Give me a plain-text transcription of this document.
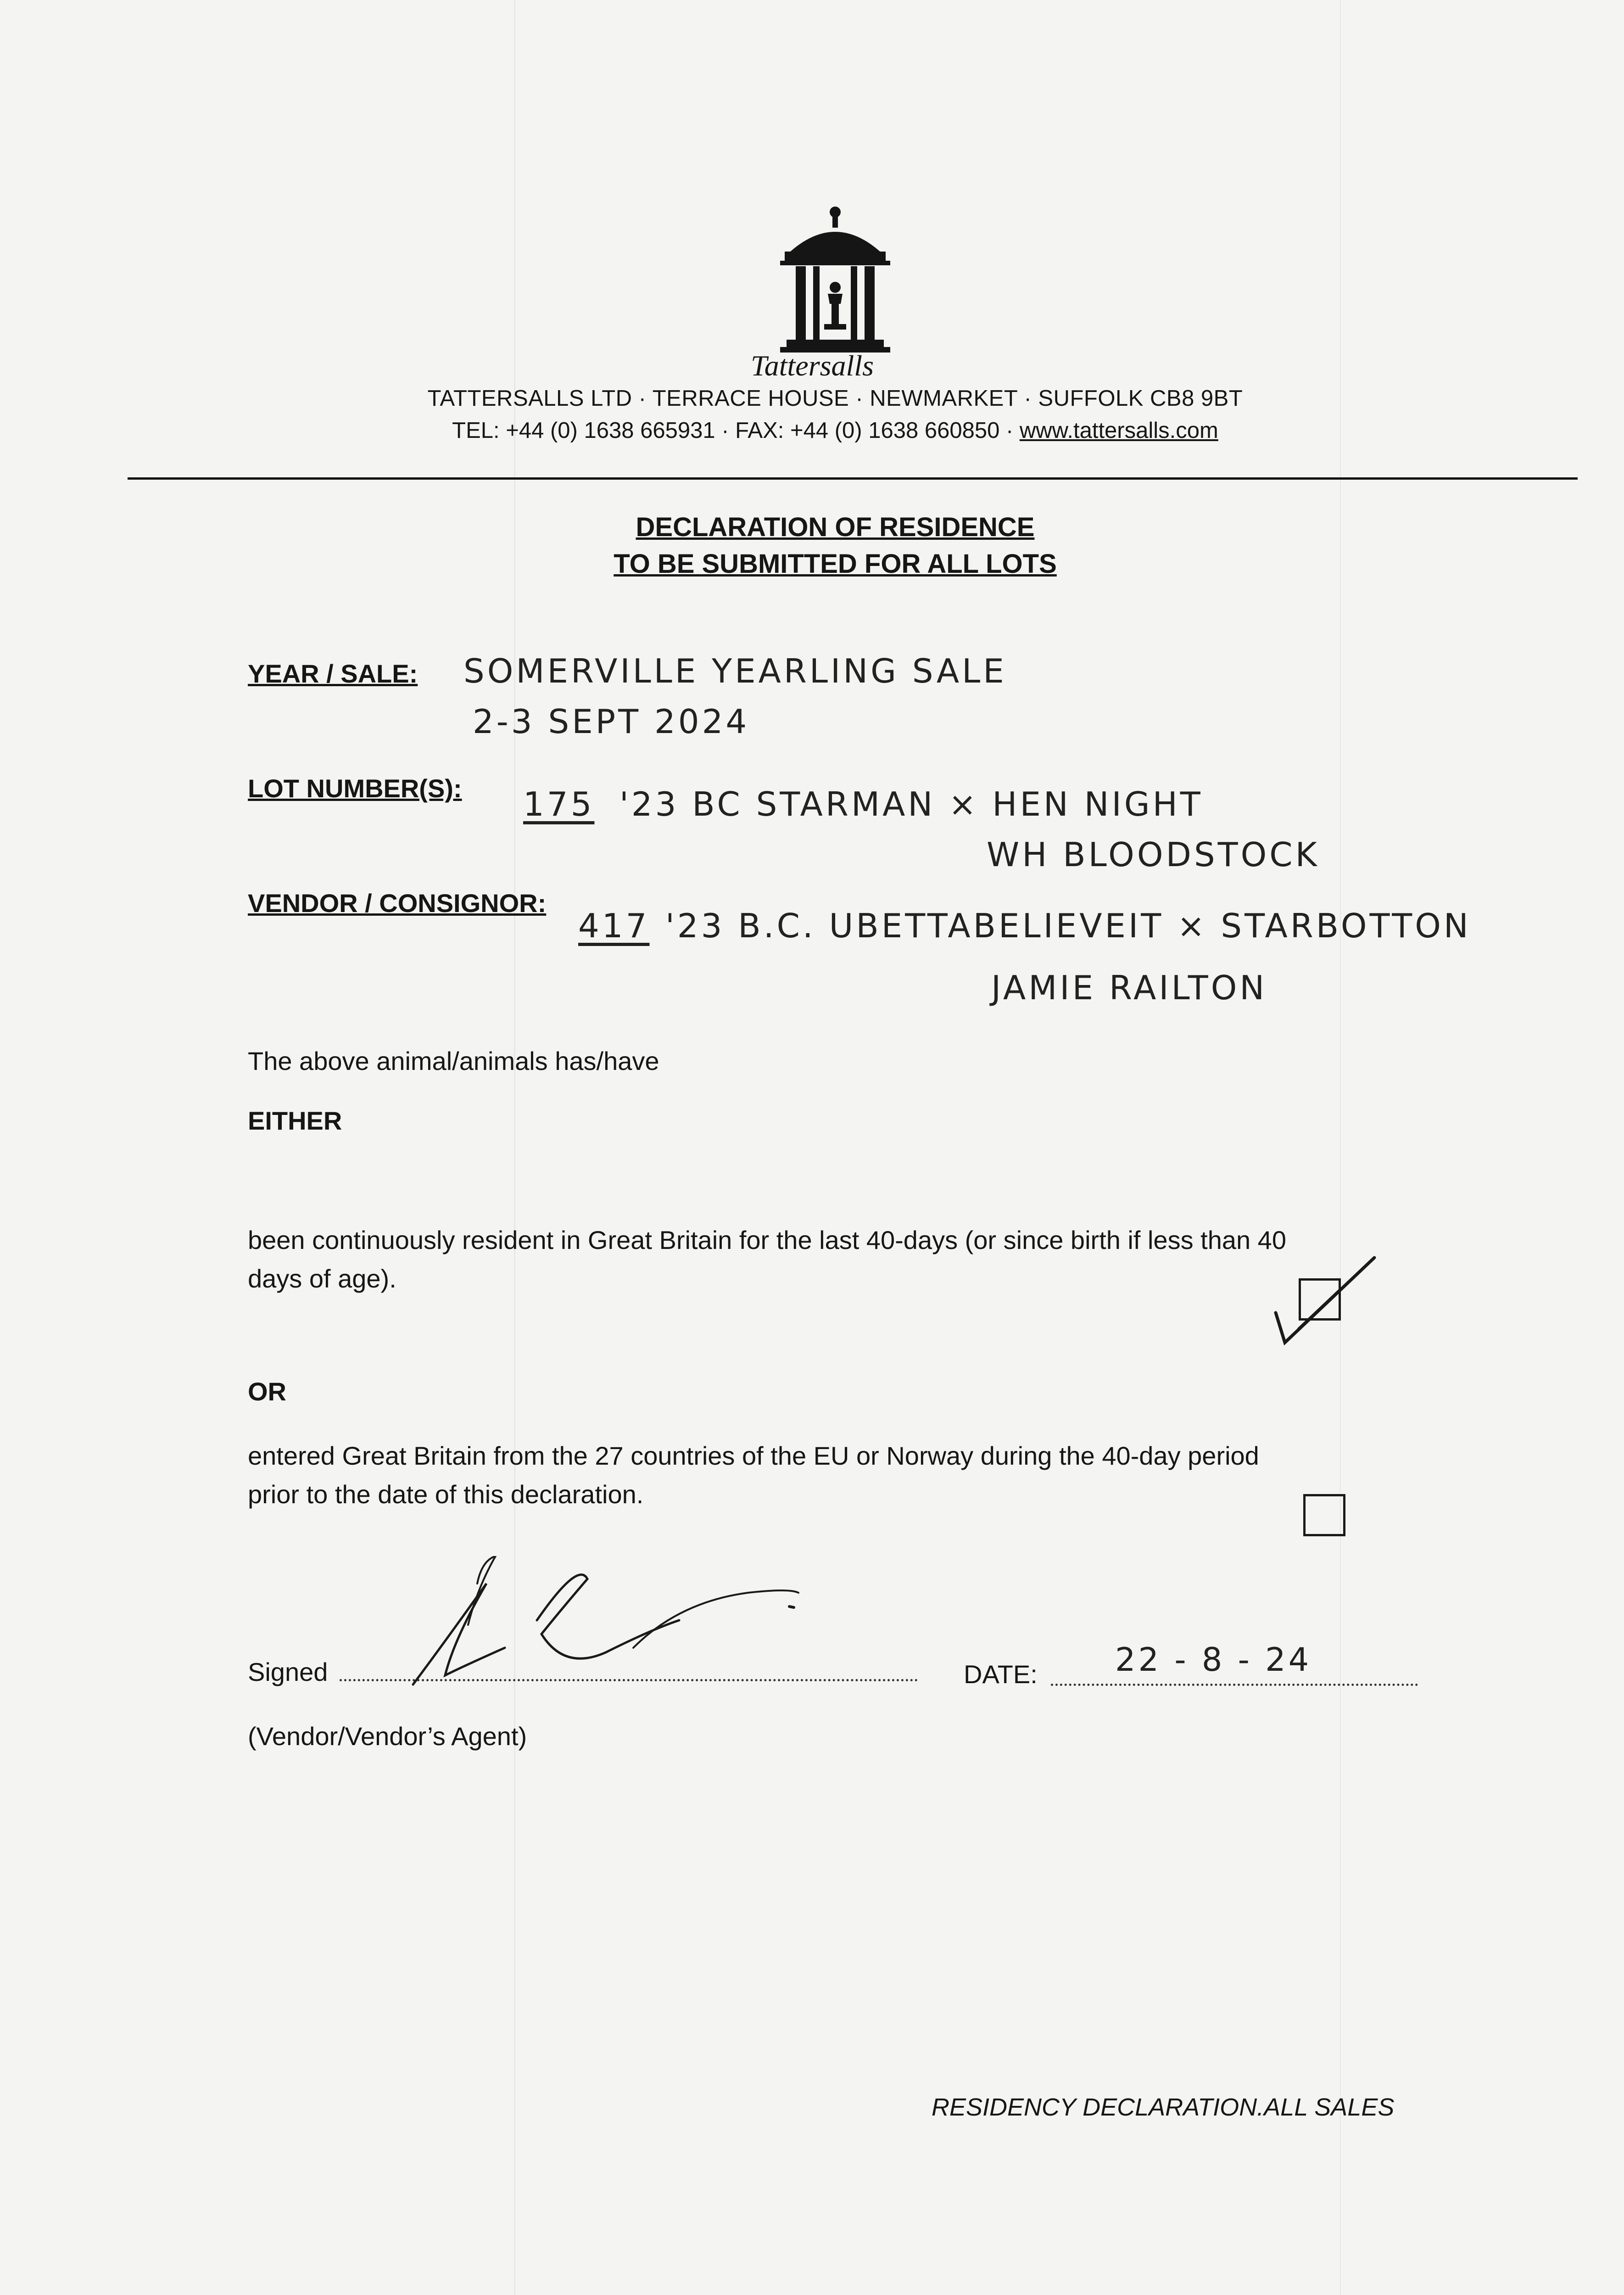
Tattersalls
TATTERSALLS LTD · TERRACE HOUSE · NEWMARKET · SUFFOLK CB8 9BT
TEL: +44 (0) 1638 665931 · FAX: +44 (0) 1638 660850 · www.tattersalls.com
DECLARATION OF RESIDENCE
TO BE SUBMITTED FOR ALL LOTS
YEAR / SALE: SOMERVILLE YEARLING SALE
2-3 SEPT 2024
LOT NUMBER(S): 175 '23 BC STARMAN × HEN NIGHT
WH BLOODSTOCK
VENDOR / CONSIGNOR:
417 '23 B.C. UBETTABELIEVEIT × STARBOTTON
JAMIE RAILTON
The above animal/animals has/have
EITHER
been continuously resident in Great Britain for the last 40-days (or since birth if less than 40
days of age).
OR
entered Great Britain from the 27 countries of the EU or Norway during the 40-day period
prior to the date of this declaration.
Signed	DATE: 22 - 8 - 24
(Vendor/Vendor’s Agent)
RESIDENCY DECLARATION.ALL SALES
